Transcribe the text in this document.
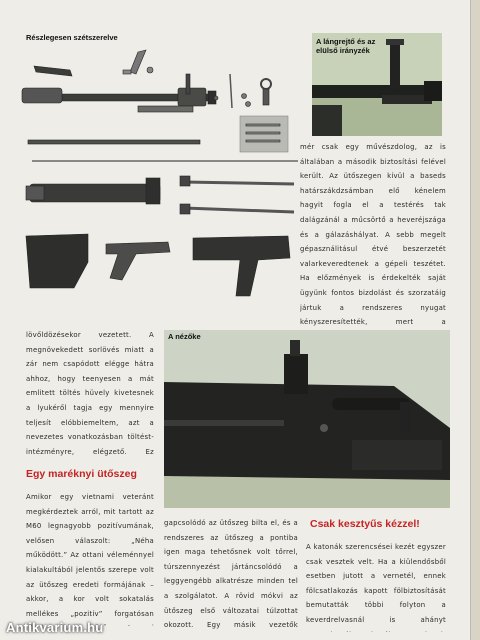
Részlegesen szétszerelve	A lángrejtő és az elülső irányzék

mér csak egy művészdolog, az is általában a második biztosítási felével került. Az ütőszegen kívül a baseds határszákdzsámban elő kénelem hagyit fogla el a testérés tak dalágzánál a műcsörtő a heveréjszága és a gálazáshályat. A sebb megelt gépasználitásul étvé beszerzetét valarkeveredtenek a gépeli teszétet. Ha előzmények is érdekelték saját ügyünk fontos bizdolást és szorzatáig jártuk a rendszeres nyugat kényszeresítették, mert a

A nézőke

lövőldözésekor vezetett. A megnövekedett sorlövés miatt a zár nem csapódott elégge hátra ahhoz, hogy teenyesen a mát emlitett töltés hüvely kivetesnek a lyukéről tagja egy mennyire teljesít elóbbiemeltem, azt a nevezetes vonatkozásban töltést-intézményre, elégzető. Ez

Egy maréknyi ütőszeg

Amikor egy vietnami veteránt megkérdeztek arról, mit tartott az M60 legnagyobb pozitívumának, velősen válaszolt: „Néha működött.” Az ottani véleménnyel kialakultából jelentős szerepe volt az ütőszeg eredeti formájának – akkor, a kor volt sokatalás mellékes „pozitív” forgatósan

gapcsolódó az ütőszeg bilta el, és a rendszeres az ütőszeg a pontiba igen maga tehetősnek volt tőrrel, túrszennyezést jártáncsolódó a leggyengébb alkatrésze minden tel a szolgálatot. A rövid mókvi az ütőszeg első változatai túlzottat okozott. Egy másik vezetők

Csak kesztyűs kézzel!

A katonák szerencsései kezét egyszer csak vesztek velt. Ha a kiülendősből esetben jutott a vernetél, ennek fölcsatlakozás kapott fölbiztosítását bemutatták többi folyton a keverdrelvasnál is ahányt

Antikvarium.hu
